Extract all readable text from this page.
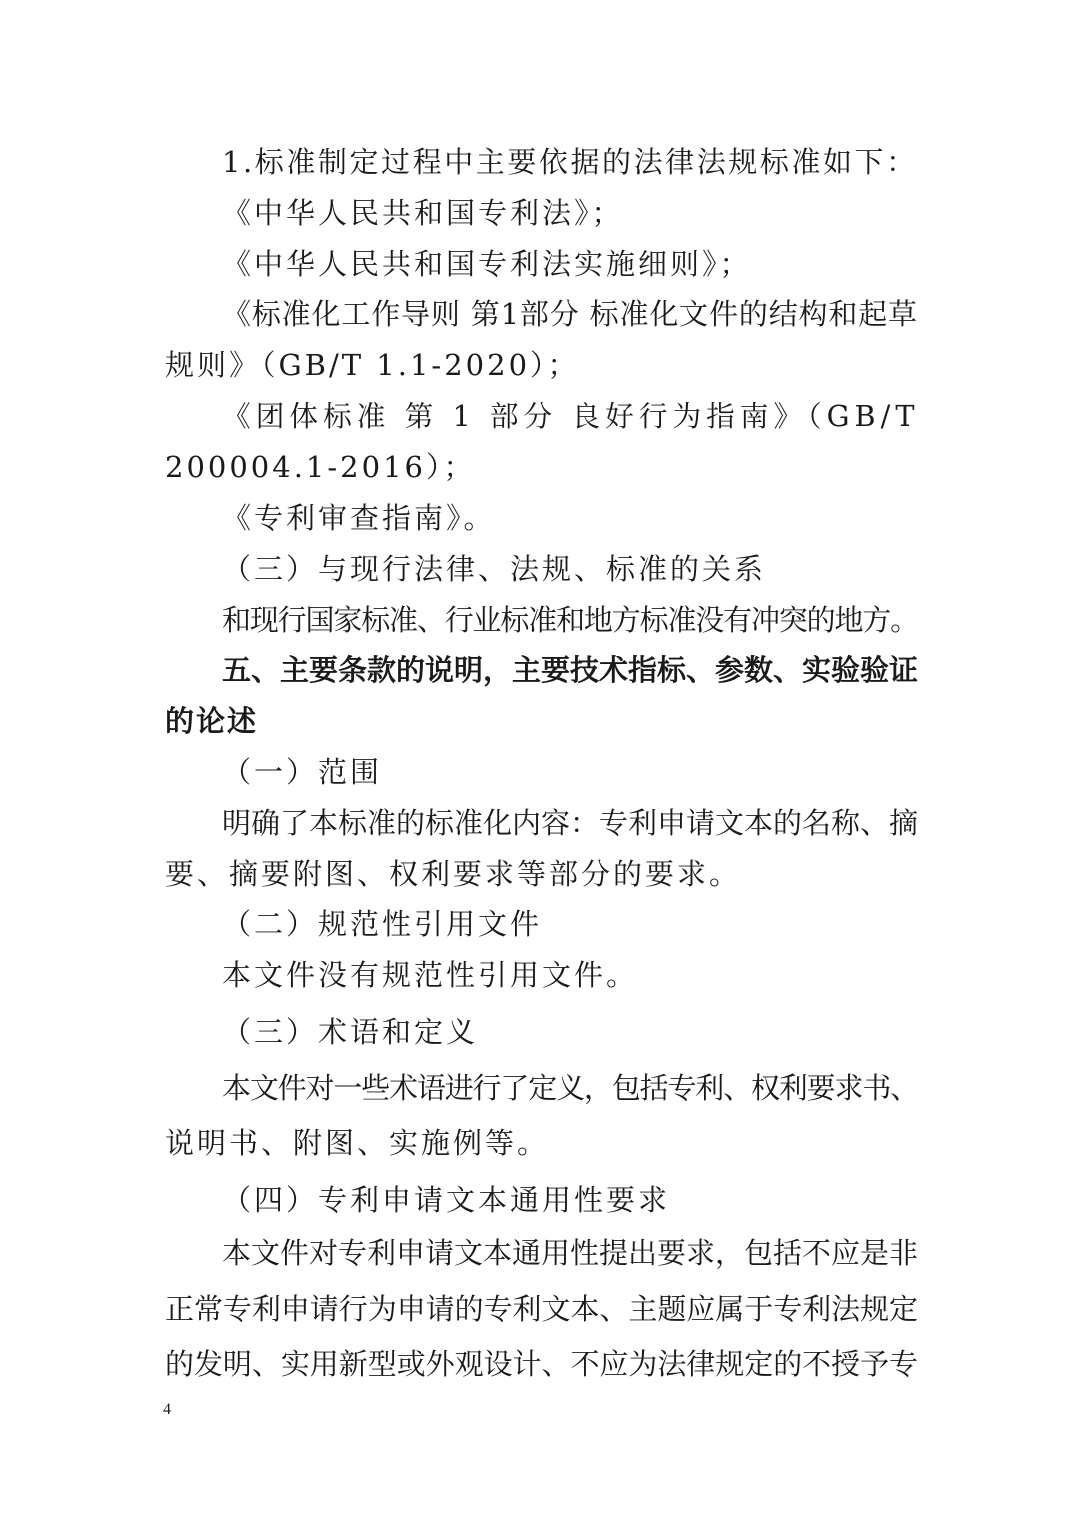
1.标准制定过程中主要依据的法律法规标准如下：
《中华人民共和国专利法》；
《中华人民共和国专利法实施细则》；
《标准化工作导则 第1部分 标准化文件的结构和起草
规则》（GB/T 1.1-2020）；
《团体标准 第 1 部分 良好行为指南》（GB/T
200004.1-2016）；
《专利审查指南》。
（三）与现行法律、法规、标准的关系
和现行国家标准、行业标准和地方标准没有冲突的地方。
五、主要条款的说明，主要技术指标、参数、实验验证
的论述
（一）范围
明确了本标准的标准化内容：专利申请文本的名称、摘
要、摘要附图、权利要求等部分的要求。
（二）规范性引用文件
本文件没有规范性引用文件。
（三）术语和定义
本文件对一些术语进行了定义，包括专利、权利要求书、
说明书、附图、实施例等。
（四）专利申请文本通用性要求
本文件对专利申请文本通用性提出要求，包括不应是非
正常专利申请行为申请的专利文本、主题应属于专利法规定
的发明、实用新型或外观设计、不应为法律规定的不授予专
4
